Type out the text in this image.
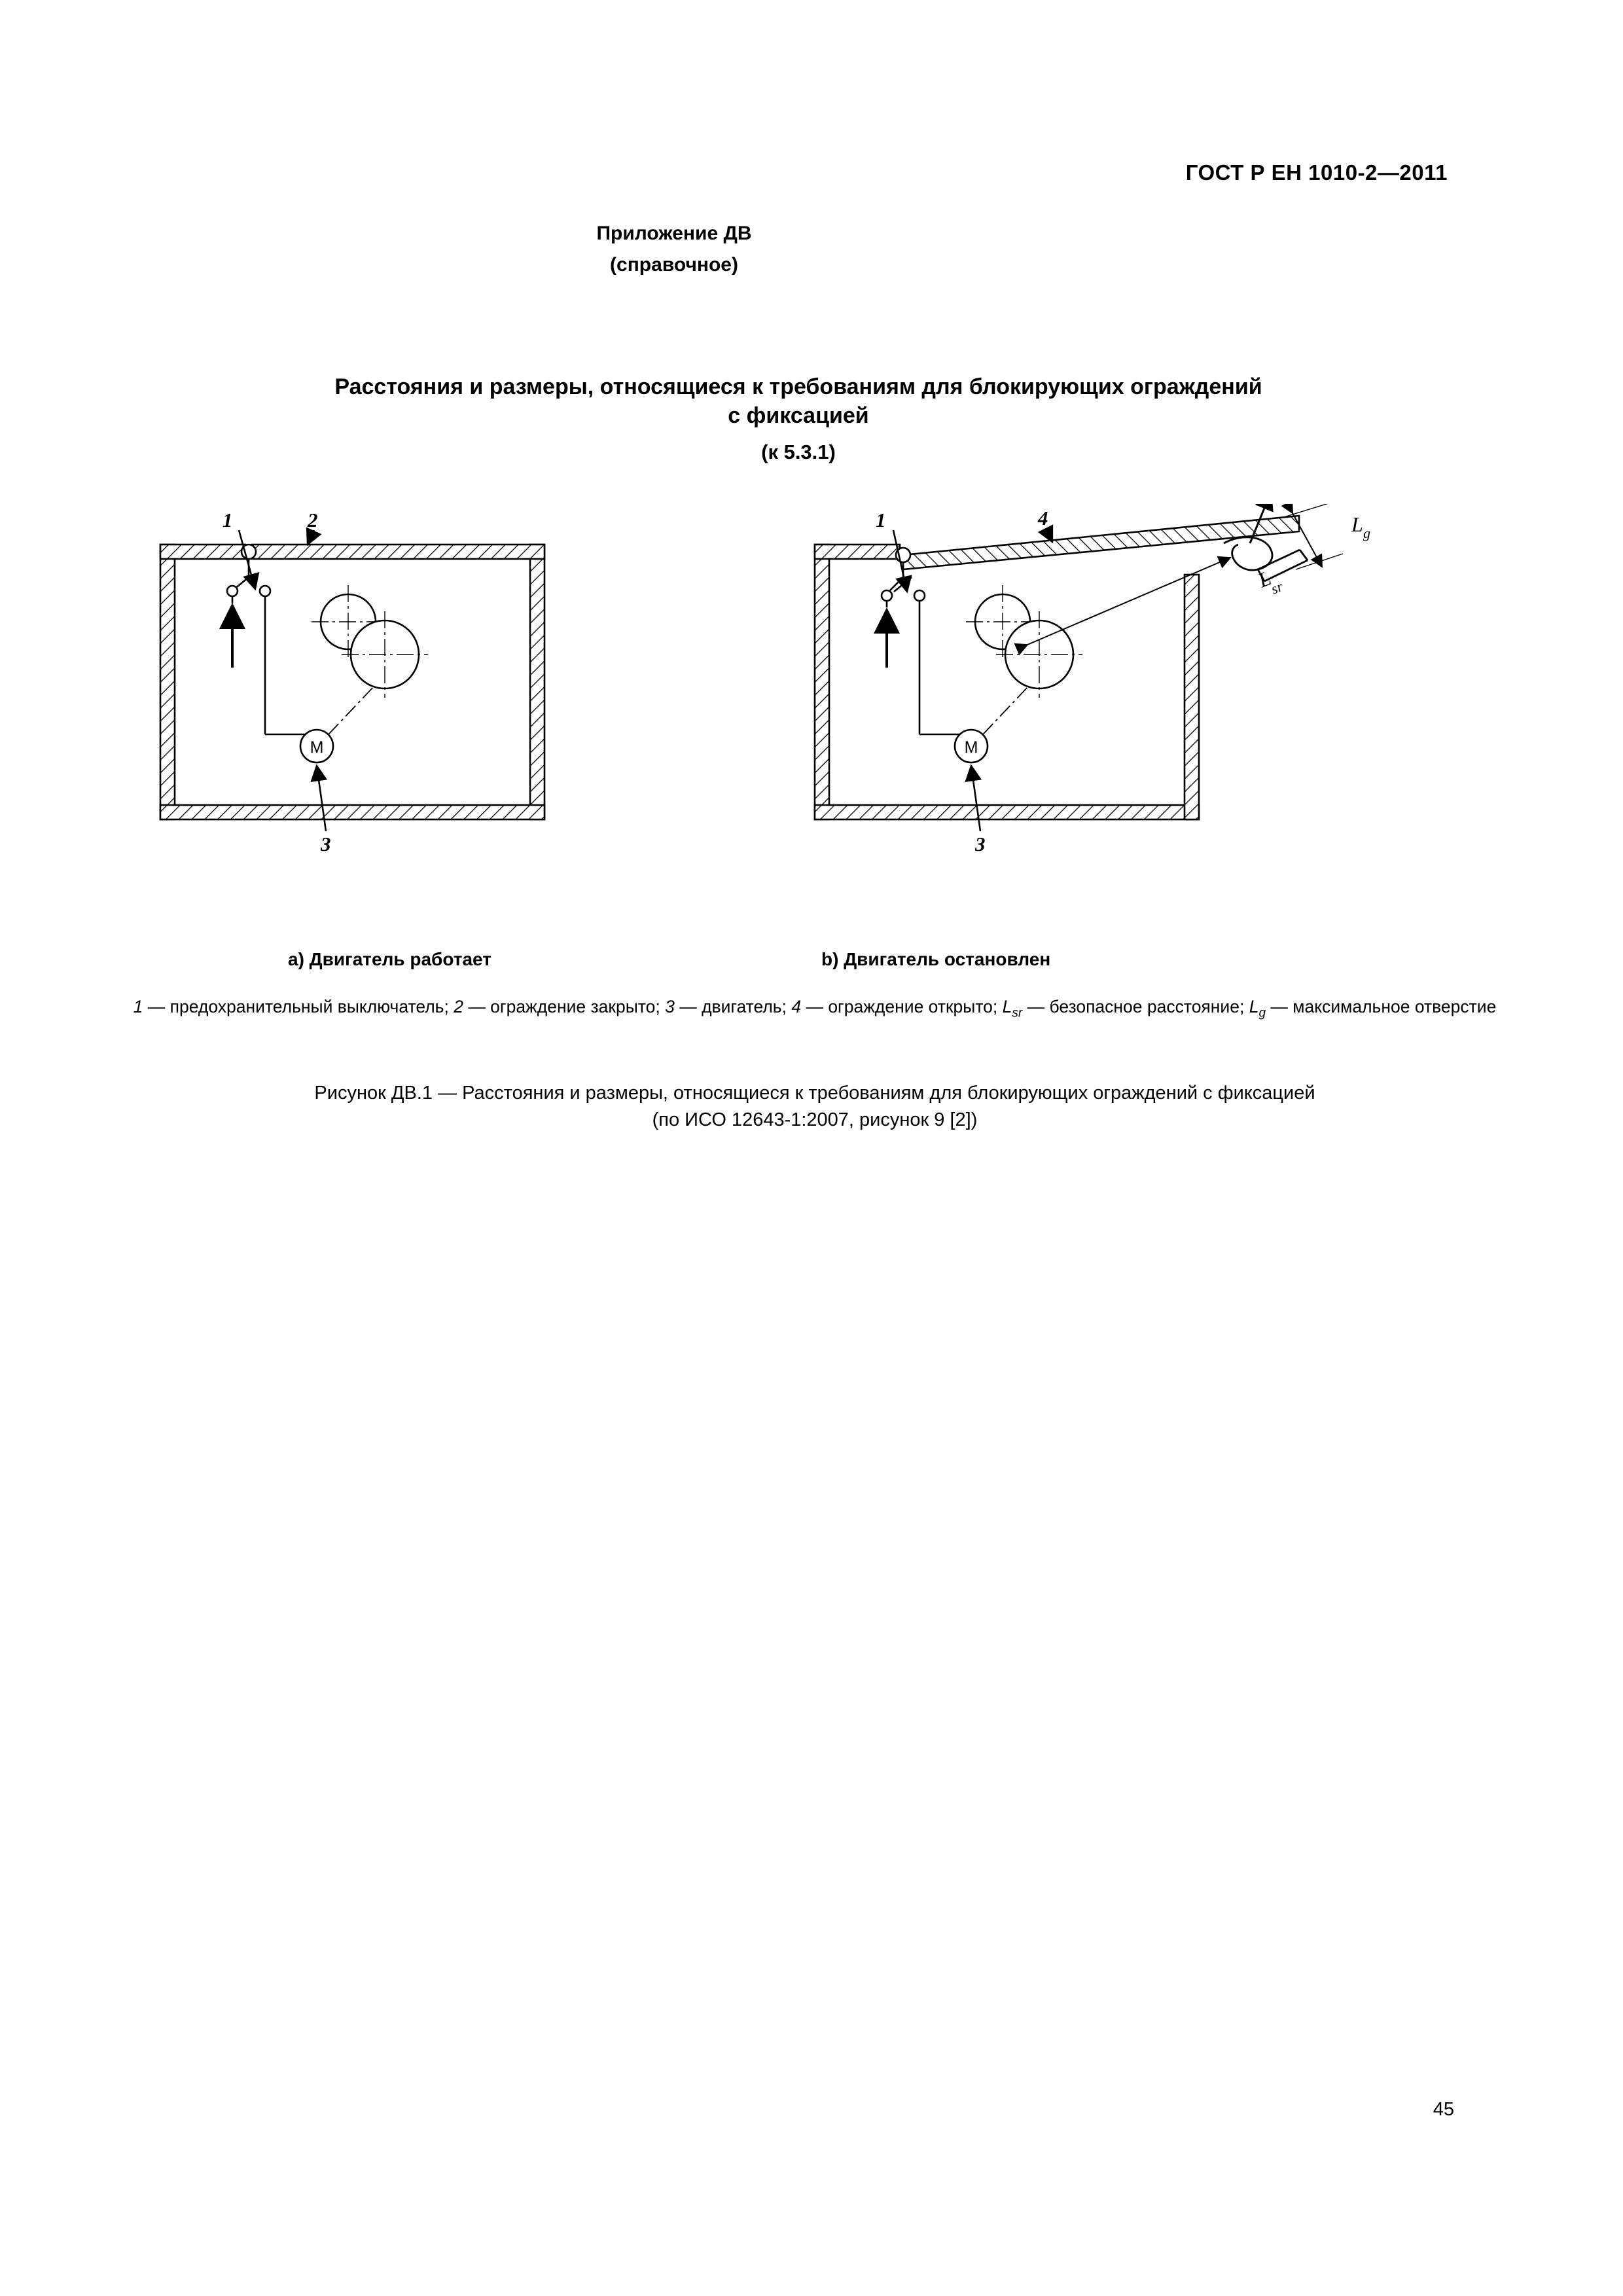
ГОСТ Р ЕН 1010-2—2011
Приложение ДВ
(справочное)
Расстояния и размеры, относящиеся к требованиям для блокирующих ограждений
с фиксацией
(к 5.3.1)
M
1	2
3
M
1	4
3
L g
L
sr
a) Двигатель работает	b) Двигатель остановлен
1 — предохранительный выключатель; 2 — ограждение закрыто; 3 — двигатель; 4 — ограждение открыто; $L_{sr}$ — безопасное расстояние; $L_g$ — максимальное отверстие
Рисунок ДВ.1 — Расстояния и размеры, относящиеся к требованиям для блокирующих ограждений с фиксацией
(по ИСО 12643-1:2007, рисунок 9 [2])
45
